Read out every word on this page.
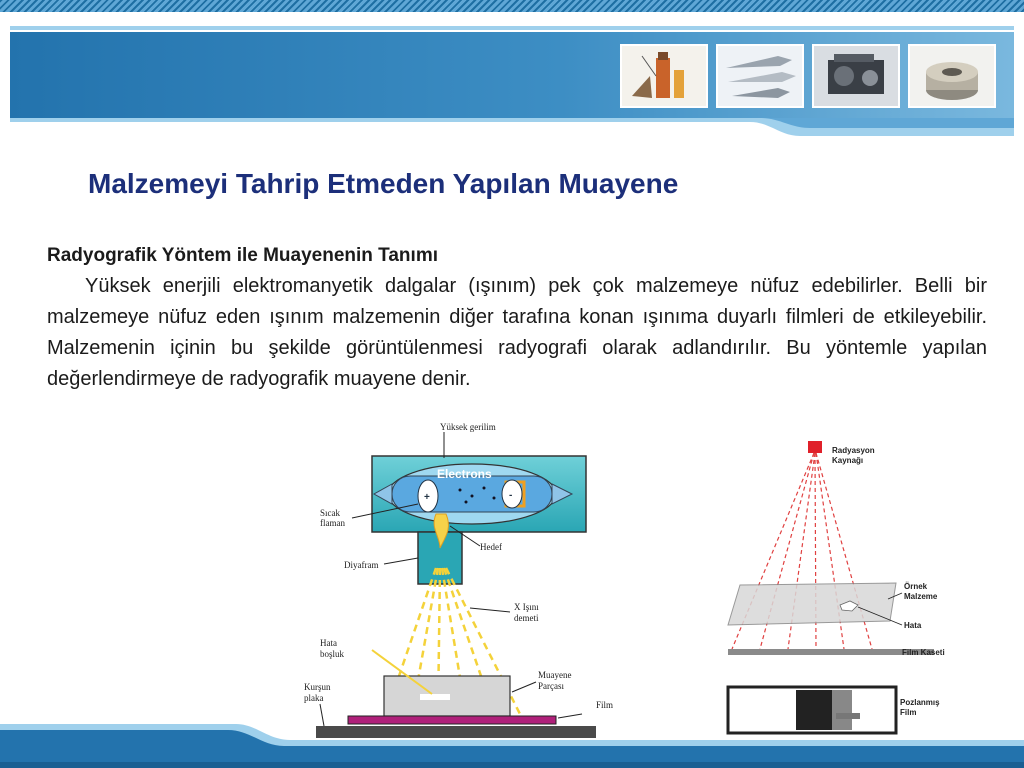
Malzemeyi Tahrip Etmeden Yapılan Muayene
Radyografik Yöntem ile Muayenenin Tanımı
Yüksek enerjili elektromanyetik dalgalar (ışınım) pek çok malzemeye nüfuz edebilirler. Belli bir malzemeye nüfuz eden ışınım malzemenin diğer tarafına konan ışınıma duyarlı filmleri de etkileyebilir. Malzemenin içinin bu şekilde görüntülenmesi radyografi olarak adlandırılır. Bu yöntemle yapılan değerlendirmeye de radyografik muayene denir.
Electrons
+	-
Yüksek gerilim
Sıcak
flaman
Hedef
Diyafram
X Işını
demeti
Hata
boşluk
Muayene
Parçası
Kurşun
plaka
Film
Radyasyon
Kaynağı
Örnek
Malzeme
Hata
Film Kaseti
Pozlanmış
Film
